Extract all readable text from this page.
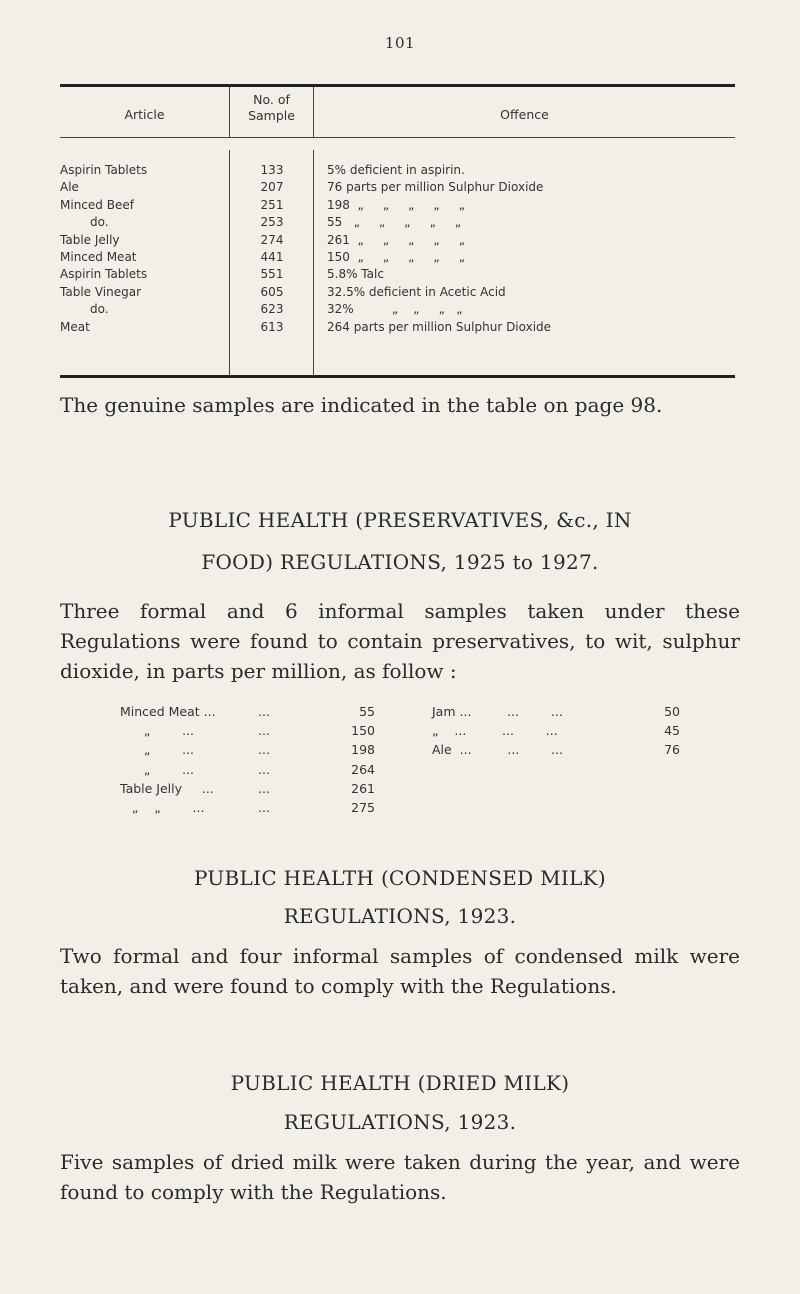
101
Article
No. of
Sample	Offence
Aspirin Tablets	133	5% deficient in aspirin.
Ale	207	76 parts per million Sulphur Dioxide
Minced Beef	251	198  „     „     „     „     „
do.	253	55   „     „     „     „     „
Table Jelly	274	261  „     „     „     „     „
Minced Meat	441	150  „     „     „     „     „
Aspirin Tablets	551	5.8% Talc
Table Vinegar	605	32.5% deficient in Acetic Acid
do.	623	32%          „    „     „   „
Meat	613	264 parts per million Sulphur Dioxide
The genuine samples are indicated in the table on page 98.
PUBLIC HEALTH (PRESERVATIVES, &c., IN
FOOD) REGULATIONS, 1925 to 1927.
Three formal and 6 informal samples taken under these Regulations were found to contain preservatives, to wit, sulphur dioxide, in parts per million, as follow :
Minced Meat ...	...	55	Jam ...         ...        ...	50
„        ...	...	150	„    ...         ...        ...	45
„        ...	...	198	Ale  ...         ...        ...	76
„        ...	...	264
Table Jelly     ...	...	261
„    „        ...	...	275
PUBLIC HEALTH (CONDENSED MILK)
REGULATIONS, 1923.
Two formal and four informal samples of condensed milk were taken, and were found to comply with the Regulations.
PUBLIC HEALTH (DRIED MILK)
REGULATIONS, 1923.
Five samples of dried milk were taken during the year, and were found to comply with the Regulations.
